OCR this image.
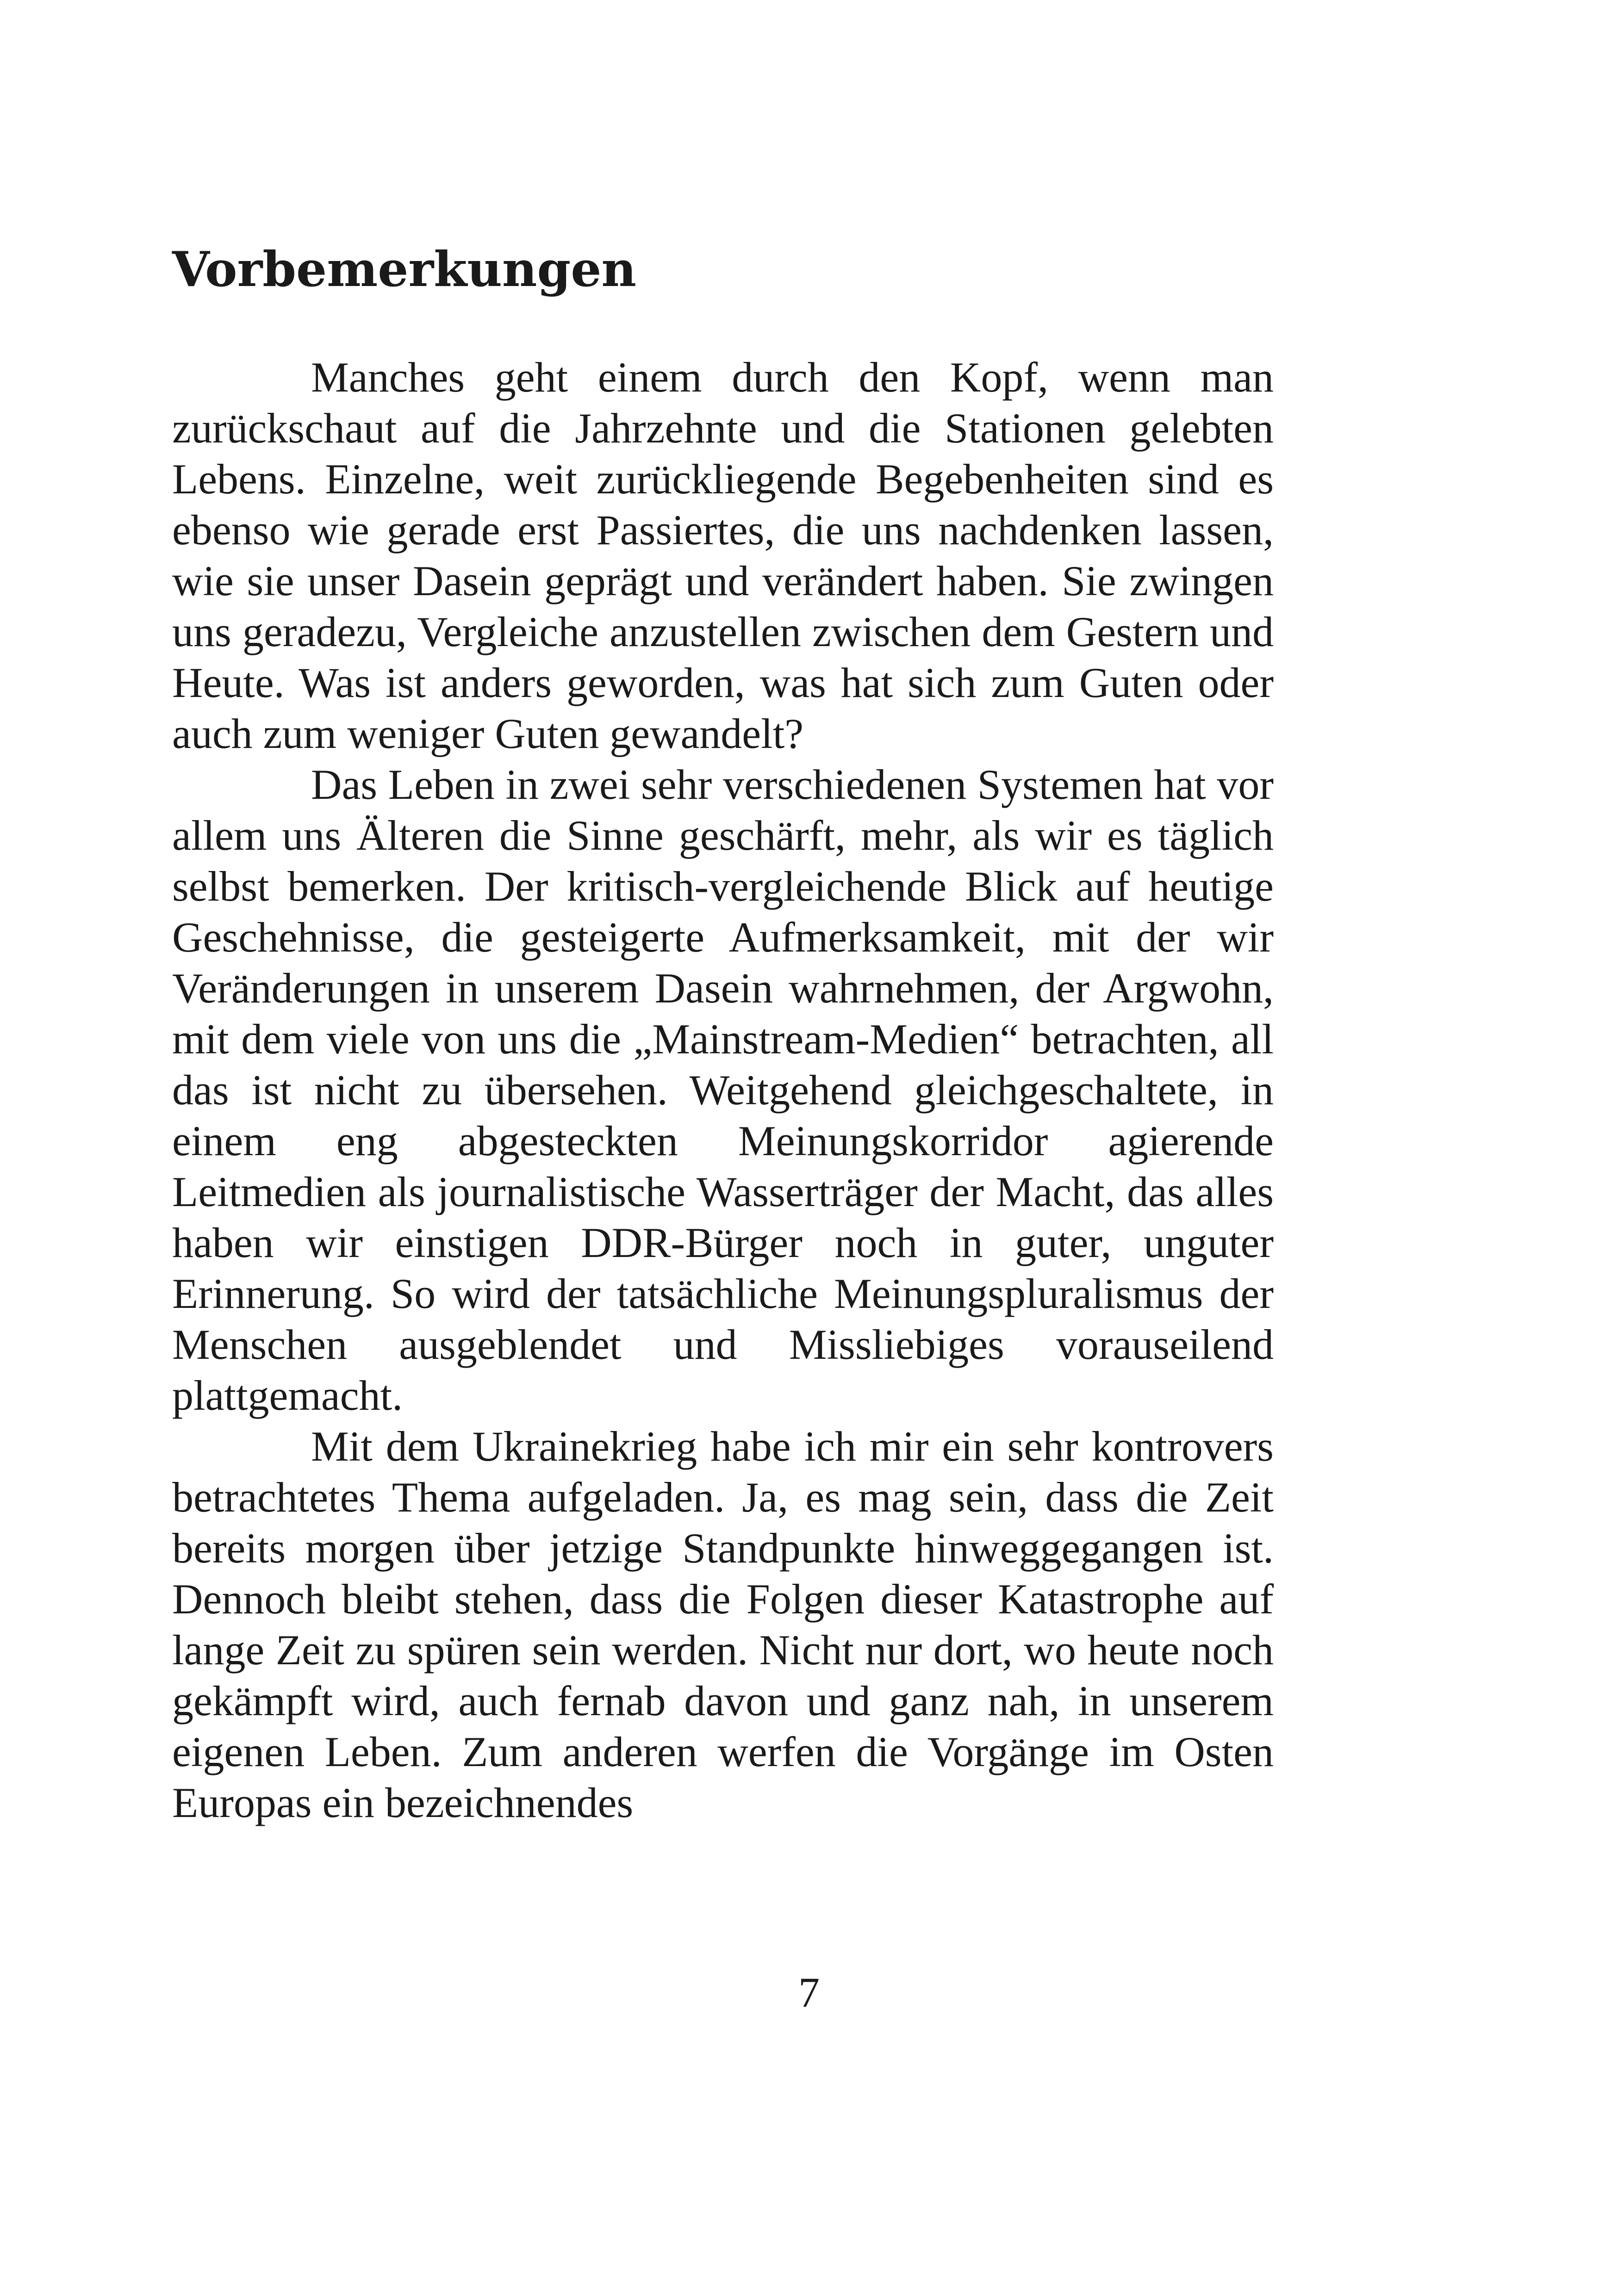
Vorbemerkungen

Manches geht einem durch den Kopf, wenn man zurückschaut auf die Jahrzehnte und die Stationen gelebten Lebens. Einzelne, weit zurückliegende Begebenheiten sind es ebenso wie gerade erst Passiertes, die uns nachdenken lassen, wie sie unser Dasein geprägt und verändert haben. Sie zwingen uns geradezu, Vergleiche anzustellen zwischen dem Gestern und Heute. Was ist anders geworden, was hat sich zum Guten oder auch zum weniger Guten gewandelt?

Das Leben in zwei sehr verschiedenen Systemen hat vor allem uns Älteren die Sinne geschärft, mehr, als wir es täglich selbst bemerken. Der kritisch-vergleichende Blick auf heutige Geschehnisse, die gesteigerte Aufmerksamkeit, mit der wir Veränderungen in unserem Dasein wahrnehmen, der Argwohn, mit dem viele von uns die „Mainstream-Medien“ betrachten, all das ist nicht zu übersehen. Weitgehend gleichgeschaltete, in einem eng abgesteckten Meinungskorridor agierende Leitmedien als journalistische Wasserträger der Macht, das alles haben wir einstigen DDR-Bürger noch in guter, unguter Erinnerung. So wird der tatsächliche Meinungspluralismus der Menschen ausgeblendet und Missliebiges vorauseilend plattgemacht.

Mit dem Ukrainekrieg habe ich mir ein sehr kontrovers betrachtetes Thema aufgeladen. Ja, es mag sein, dass die Zeit bereits morgen über jetzige Standpunkte hinweggegangen ist. Dennoch bleibt stehen, dass die Folgen dieser Katastrophe auf lange Zeit zu spüren sein werden. Nicht nur dort, wo heute noch gekämpft wird, auch fernab davon und ganz nah, in unserem eigenen Leben. Zum anderen werfen die Vorgänge im Osten Europas ein bezeichnendes

7
